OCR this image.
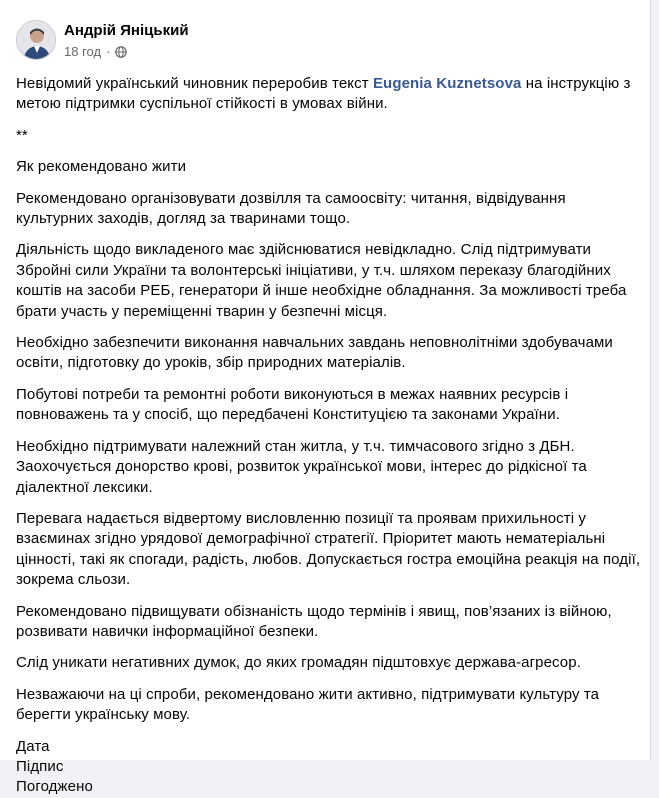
Андрій Яніцький
18 год ·

Невідомий український чиновник переробив текст Eugenia Kuznetsova на інструкцію з метою підтримки суспільної стійкості в умовах війни.

**

Як рекомендовано жити

Рекомендовано організовувати дозвілля та самоосвіту: читання, відвідування культурних заходів, догляд за тваринами тощо.

Діяльність щодо викладеного має здійснюватися невідкладно. Слід підтримувати Збройні сили України та волонтерські ініціативи, у т.ч. шляхом переказу благодійних коштів на засоби РЕБ, генератори й інше необхідне обладнання. За можливості треба брати участь у переміщенні тварин у безпечні місця.

Необхідно забезпечити виконання навчальних завдань неповнолітніми здобувачами освіти, підготовку до уроків, збір природних матеріалів.

Побутові потреби та ремонтні роботи виконуються в межах наявних ресурсів і повноважень та у спосіб, що передбачені Конституцією та законами України.

Необхідно підтримувати належний стан житла, у т.ч. тимчасового згідно з ДБН. Заохочується донорство крові, розвиток української мови, інтерес до рідкісної та діалектної лексики.

Перевага надається відвертому висловленню позиції та проявам прихильності у взаєминах згідно урядової демографічної стратегії. Пріоритет мають нематеріальні цінності, такі як спогади, радість, любов. Допускається гостра емоційна реакція на події, зокрема сльози.

Рекомендовано підвищувати обізнаність щодо термінів і явищ, пов’язаних із війною, розвивати навички інформаційної безпеки.

Слід уникати негативних думок, до яких громадян підштовхує держава-агресор.

Незважаючи на ці спроби, рекомендовано жити активно, підтримувати культуру та берегти українську мову.

Дата

Підпис

Погоджено
